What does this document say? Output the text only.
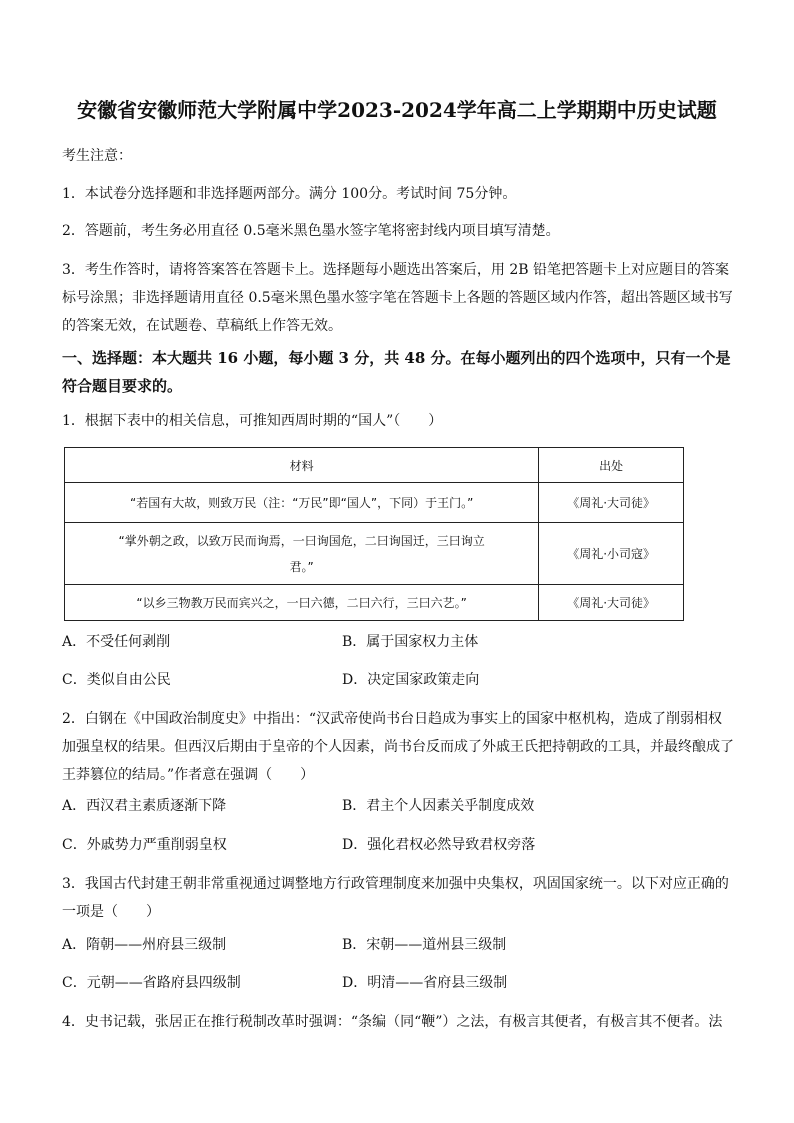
安徽省安徽师范大学附属中学2023-2024学年高二上学期期中历史试题
考生注意：
1．本试卷分选择题和非选择题两部分。满分 100分。考试时间 75分钟。
2．答题前，考生务必用直径 0.5毫米黑色墨水签字笔将密封线内项目填写清楚。
3．考生作答时，请将答案答在答题卡上。选择题每小题选出答案后，用 2B 铅笔把答题卡上对应题目的答案标号涂黑；非选择题请用直径 0.5毫米黑色墨水签字笔在答题卡上各题的答题区域内作答，超出答题区域书写的答案无效，在试题卷、草稿纸上作答无效。
一、选择题：本大题共 16 小题，每小题 3 分，共 48 分。在每小题列出的四个选项中，只有一个是符合题目要求的。
1．根据下表中的相关信息，可推知西周时期的“国人”（　　）
材料	出处
“若国有大故，则致万民（注：“万民”即“国人”，下同）于王门。”	《周礼·大司徒》
“掌外朝之政，以致万民而询焉，一曰询国危，二曰询国迁，三曰询立君。”	《周礼·小司寇》
“以乡三物教万民而宾兴之，一曰六德，二曰六行，三曰六艺。”	《周礼·大司徒》
A．不受任何剥削	B．属于国家权力主体
C．类似自由公民	D．决定国家政策走向
2．白钢在《中国政治制度史》中指出：“汉武帝使尚书台日趋成为事实上的国家中枢机构，造成了削弱相权加强皇权的结果。但西汉后期由于皇帝的个人因素，尚书台反而成了外戚王氏把持朝政的工具，并最终酿成了王莽篡位的结局。”作者意在强调（　　）
A．西汉君主素质逐渐下降	B．君主个人因素关乎制度成效
C．外戚势力严重削弱皇权	D．强化君权必然导致君权旁落
3．我国古代封建王朝非常重视通过调整地方行政管理制度来加强中央集权，巩固国家统一。以下对应正确的一项是（　　）
A．隋朝——州府县三级制	B．宋朝——道州县三级制
C．元朝——省路府县四级制	D．明清——省府县三级制
4．史书记载，张居正在推行税制改革时强调：“条编（同“鞭”）之法，有极言其便者，有极言其不便者。法
